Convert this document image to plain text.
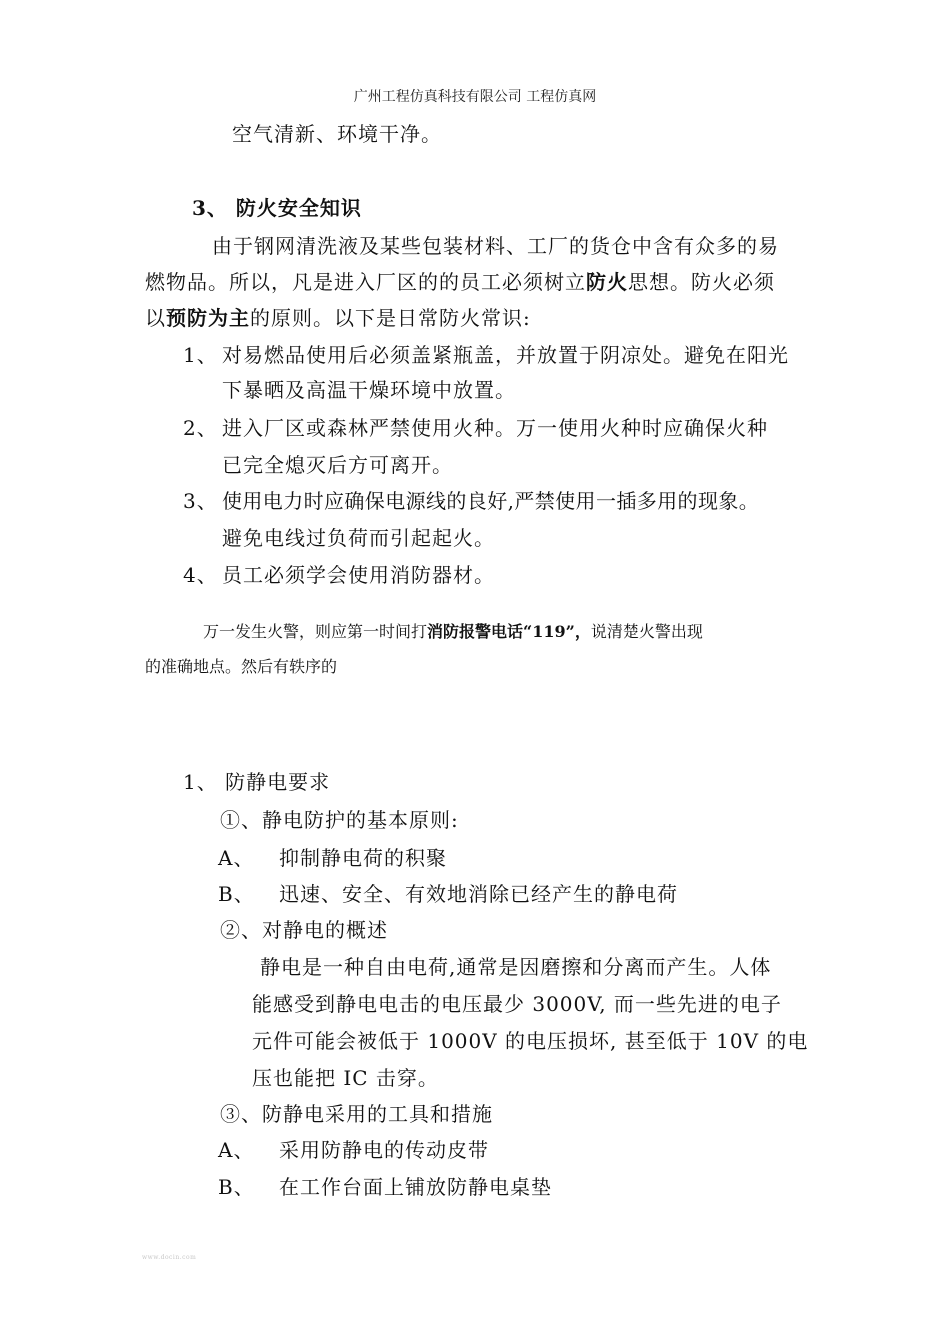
广州工程仿真科技有限公司 工程仿真网
空气清新、环境干净。
3、 防火安全知识
由于钢网清洗液及某些包装材料、工厂的货仓中含有众多的易
燃物品。所以，凡是进入厂区的的员工必须树立防火思想。防火必须
以预防为主的原则。以下是日常防火常识:
1、 对易燃品使用后必须盖紧瓶盖，并放置于阴凉处。避免在阳光
下暴晒及高温干燥环境中放置。
2、 进入厂区或森林严禁使用火种。万一使用火种时应确保火种
已完全熄灭后方可离开。
3、 使用电力时应确保电源线的良好,严禁使用一插多用的现象。
避免电线过负荷而引起起火。
4、 员工必须学会使用消防器材。
万一发生火警，则应第一时间打消防报警电话“119”，说清楚火警出现
的准确地点。然后有轶序的
1、 防静电要求
①、静电防护的基本原则:
A、 抑制静电荷的积聚
B、 迅速、安全、有效地消除已经产生的静电荷
②、对静电的概述
静电是一种自由电荷,通常是因磨擦和分离而产生。人体
能感受到静电电击的电压最少 3000V, 而一些先进的电子
元件可能会被低于 1000V 的电压损坏, 甚至低于 10V 的电
压也能把 IC 击穿。
③、防静电采用的工具和措施
A、 采用防静电的传动皮带
B、 在工作台面上铺放防静电桌垫
www.docin.com
